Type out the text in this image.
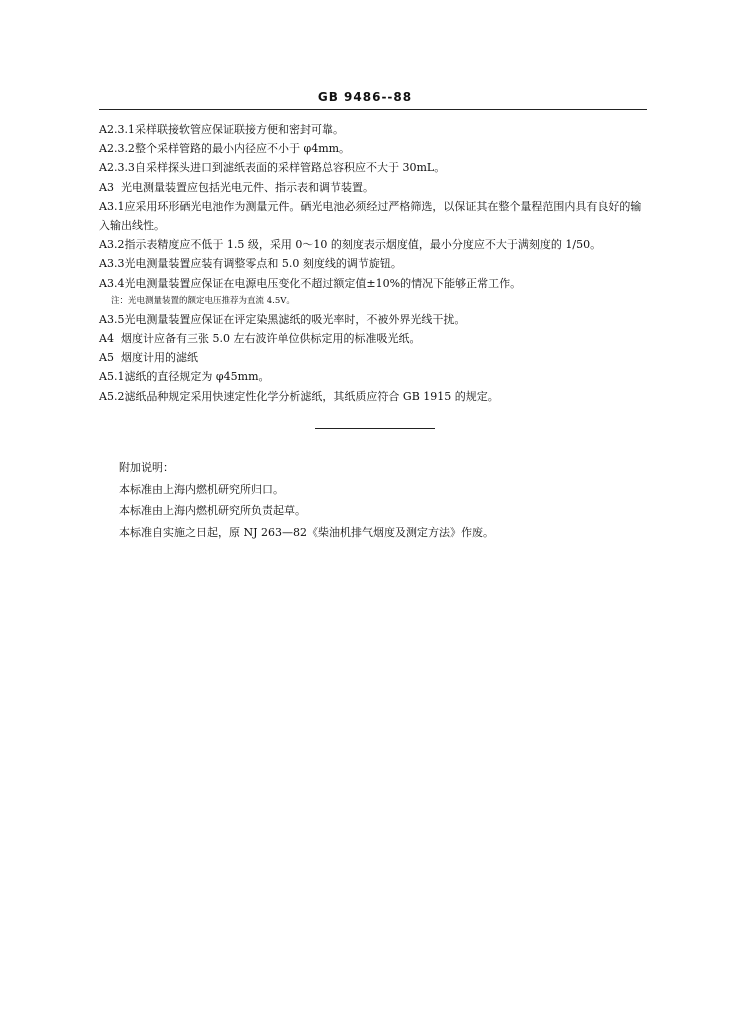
GB 9486--88
A2.3.1采样联接软管应保证联接方便和密封可靠。
A2.3.2整个采样管路的最小内径应不小于 φ4mm。
A2.3.3自采样探头进口到滤纸表面的采样管路总容积应不大于 30mL。
A3 光电测量装置应包括光电元件、指示表和调节装置。
A3.1应采用环形硒光电池作为测量元件。硒光电池必须经过严格筛选，以保证其在整个量程范围内具有良好的输入输出线性。
A3.2指示表精度应不低于 1.5 级，采用 0～10 的刻度表示烟度值，最小分度应不大于满刻度的 1/50。
A3.3光电测量装置应装有调整零点和 5.0 刻度线的调节旋钮。
A3.4光电测量装置应保证在电源电压变化不超过额定值±10%的情况下能够正常工作。
注：光电测量装置的额定电压推荐为直流 4.5V。
A3.5光电测量装置应保证在评定染黑滤纸的吸光率时，不被外界光线干扰。
A4 烟度计应备有三张 5.0 左右波许单位供标定用的标准吸光纸。
A5 烟度计用的滤纸
A5.1滤纸的直径规定为 φ45mm。
A5.2滤纸品种规定采用快速定性化学分析滤纸，其纸质应符合 GB 1915 的规定。
附加说明：
本标准由上海内燃机研究所归口。
本标准由上海内燃机研究所负责起草。
本标准自实施之日起，原 NJ 263—82《柴油机排气烟度及测定方法》作废。
